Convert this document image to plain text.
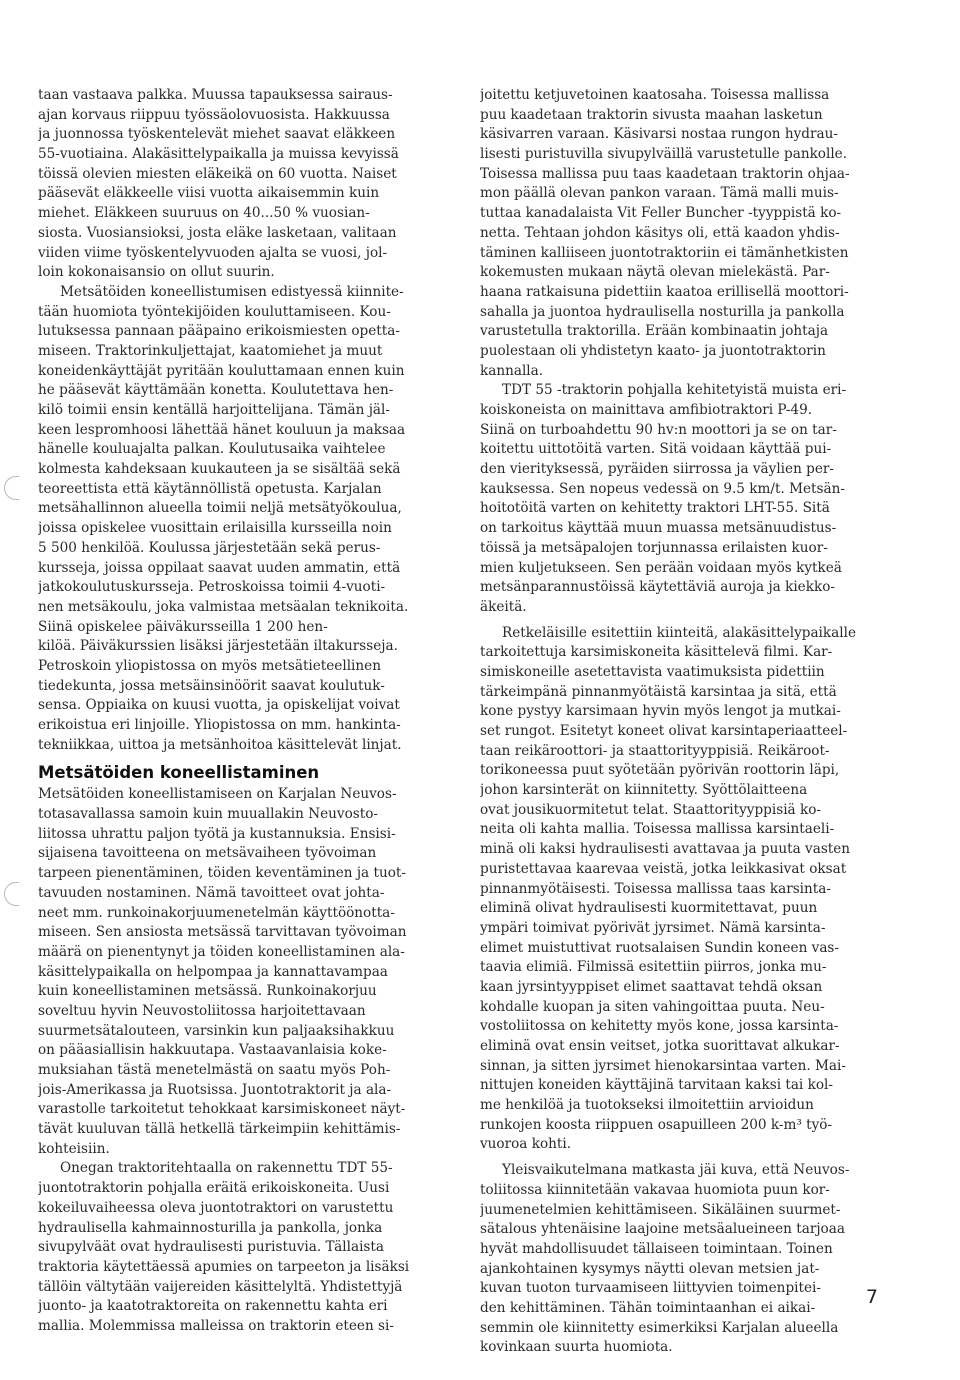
taan vastaava palkka. Muussa tapauksessa sairaus-
ajan korvaus riippuu työssäolovuosista. Hakkuussa
ja juonnossa työskentelevät miehet saavat eläkkeen
55-vuotiaina. Alakäsittelypaikalla ja muissa kevyissä
töissä olevien miesten eläkeikä on 60 vuotta. Naiset
pääsevät eläkkeelle viisi vuotta aikaisemmin kuin
miehet. Eläkkeen suuruus on 40...50 % vuosian-
siosta. Vuosiansioksi, josta eläke lasketaan, valitaan
viiden viime työskentelyvuoden ajalta se vuosi, jol-
loin kokonaisansio on ollut suurin.
Metsätöiden koneellistumisen edistyessä kiinnite-
tään huomiota työntekijöiden kouluttamiseen. Kou-
lutuksessa pannaan pääpaino erikoismiesten opetta-
miseen. Traktorinkuljettajat, kaatomiehet ja muut
koneidenkäyttäjät pyritään kouluttamaan ennen kuin
he pääsevät käyttämään konetta. Koulutettava hen-
kilö toimii ensin kentällä harjoittelijana. Tämän jäl-
keen lespromhoosi lähettää hänet kouluun ja maksaa
hänelle kouluajalta palkan. Koulutusaika vaihtelee
kolmesta kahdeksaan kuukauteen ja se sisältää sekä
teoreettista että käytännöllistä opetusta. Karjalan
metsähallinnon alueella toimii neljä metsätyökoulua,
joissa opiskelee vuosittain erilaisilla kursseilla noin
5 500 henkilöä. Koulussa järjestetään sekä perus-
kursseja, joissa oppilaat saavat uuden ammatin, että
jatkokoulutuskursseja. Petroskoissa toimii 4-vuoti-
nen metsäkoulu, joka valmistaa metsäalan teknikoita.
Siinä opiskelee päiväkursseilla 1 200 hen-
kilöä. Päiväkurssien lisäksi järjestetään iltakursseja.
Petroskoin yliopistossa on myös metsätieteellinen
tiedekunta, jossa metsäinsinöörit saavat koulutuk-
sensa. Oppiaika on kuusi vuotta, ja opiskelijat voivat
erikoistua eri linjoille. Yliopistossa on mm. hankinta-
tekniikkaa, uittoa ja metsänhoitoa käsittelevät linjat.
Metsätöiden koneellistaminen
Metsätöiden koneellistamiseen on Karjalan Neuvos-
totasavallassa samoin kuin muuallakin Neuvosto-
liitossa uhrattu paljon työtä ja kustannuksia. Ensisi-
sijaisena tavoitteena on metsävaiheen työvoiman
tarpeen pienentäminen, töiden keventäminen ja tuot-
tavuuden nostaminen. Nämä tavoitteet ovat johta-
neet mm. runkoinakorjuumenetelmän käyttöönotta-
miseen. Sen ansiosta metsässä tarvittavan työvoiman
määrä on pienentynyt ja töiden koneellistaminen ala-
käsittelypaikalla on helpompaa ja kannattavampaa
kuin koneellistaminen metsässä. Runkoinakorjuu
soveltuu hyvin Neuvostoliitossa harjoitettavaan
suurmetsätalouteen, varsinkin kun paljaaksihakkuu
on pääasiallisin hakkuutapa. Vastaavanlaisia koke-
muksiahan tästä menetelmästä on saatu myös Poh-
jois-Amerikassa ja Ruotsissa. Juontotraktorit ja ala-
varastolle tarkoitetut tehokkaat karsimiskoneet näyt-
tävät kuuluvan tällä hetkellä tärkeimpiin kehittämis-
kohteisiin.
Onegan traktoritehtaalla on rakennettu TDT 55-
juontotraktorin pohjalla eräitä erikoiskoneita. Uusi
kokeiluvaiheessa oleva juontotraktori on varustettu
hydraulisella kahmainnosturilla ja pankolla, jonka
sivupylväät ovat hydraulisesti puristuvia. Tällaista
traktoria käytettäessä apumies on tarpeeton ja lisäksi
tällöin vältytään vaijereiden käsittelyltä. Yhdistettyjä
juonto- ja kaatotraktoreita on rakennettu kahta eri
mallia. Molemmissa malleissa on traktorin eteen si-
joitettu ketjuvetoinen kaatosaha. Toisessa mallissa
puu kaadetaan traktorin sivusta maahan lasketun
käsivarren varaan. Käsivarsi nostaa rungon hydrau-
lisesti puristuvilla sivupylväillä varustetulle pankolle.
Toisessa mallissa puu taas kaadetaan traktorin ohjaa-
mon päällä olevan pankon varaan. Tämä malli muis-
tuttaa kanadalaista Vit Feller Buncher -tyyppistä ko-
netta. Tehtaan johdon käsitys oli, että kaadon yhdis-
täminen kalliiseen juontotraktoriin ei tämänhetkisten
kokemusten mukaan näytä olevan mielekästä. Par-
haana ratkaisuna pidettiin kaatoa erillisellä moottori-
sahalla ja juontoa hydraulisella nosturilla ja pankolla
varustetulla traktorilla. Erään kombinaatin johtaja
puolestaan oli yhdistetyn kaato- ja juontotraktorin
kannalla.
TDT 55 -traktorin pohjalla kehitetyistä muista eri-
koiskoneista on mainittava amfibiotraktori P-49.
Siinä on turboahdettu 90 hv:n moottori ja se on tar-
koitettu uittotöitä varten. Sitä voidaan käyttää pui-
den vierityksessä, pyräiden siirrossa ja väylien per-
kauksessa. Sen nopeus vedessä on 9.5 km/t. Metsän-
hoitotöitä varten on kehitetty traktori LHT-55. Sitä
on tarkoitus käyttää muun muassa metsänuudistus-
töissä ja metsäpalojen torjunnassa erilaisten kuor-
mien kuljetukseen. Sen perään voidaan myös kytkeä
metsänparannustöissä käytettäviä auroja ja kiekko-
äkeitä.
Retkeläisille esitettiin kiinteitä, alakäsittelypaikalle
tarkoitettuja karsimiskoneita käsittelevä filmi. Kar-
simiskoneille asetettavista vaatimuksista pidettiin
tärkeimpänä pinnanmyötäistä karsintaa ja sitä, että
kone pystyy karsimaan hyvin myös lengot ja mutkai-
set rungot. Esitetyt koneet olivat karsintaperiaatteel-
taan reikäroottori- ja staattorityyppisiä. Reikäroot-
torikoneessa puut syötetään pyörivän roottorin läpi,
johon karsinterät on kiinnitetty. Syöttölaitteena
ovat jousikuormitetut telat. Staattorityyppisiä ko-
neita oli kahta mallia. Toisessa mallissa karsintaeli-
minä oli kaksi hydraulisesti avattavaa ja puuta vasten
puristettavaa kaarevaa veistä, jotka leikkasivat oksat
pinnanmyötäisesti. Toisessa mallissa taas karsinta-
eliminä olivat hydraulisesti kuormitettavat, puun
ympäri toimivat pyörivät jyrsimet. Nämä karsinta-
elimet muistuttivat ruotsalaisen Sundin koneen vas-
taavia elimiä. Filmissä esitettiin piirros, jonka mu-
kaan jyrsintyyppiset elimet saattavat tehdä oksan
kohdalle kuopan ja siten vahingoittaa puuta. Neu-
vostoliitossa on kehitetty myös kone, jossa karsinta-
eliminä ovat ensin veitset, jotka suorittavat alkukar-
sinnan, ja sitten jyrsimet hienokarsintaa varten. Mai-
nittujen koneiden käyttäjinä tarvitaan kaksi tai kol-
me henkilöä ja tuotokseksi ilmoitettiin arvioidun
runkojen koosta riippuen osapuilleen 200 k-m³ työ-
vuoroa kohti.
Yleisvaikutelmana matkasta jäi kuva, että Neuvos-
toliitossa kiinnitetään vakavaa huomiota puun kor-
juumenetelmien kehittämiseen. Sikäläinen suurmet-
sätalous yhtenäisine laajoine metsäalueineen tarjoaa
hyvät mahdollisuudet tällaiseen toimintaan. Toinen
ajankohtainen kysymys näytti olevan metsien jat-
kuvan tuoton turvaamiseen liittyvien toimenpitei-
den kehittäminen. Tähän toimintaanhan ei aikai-
semmin ole kiinnitetty esimerkiksi Karjalan alueella
kovinkaan suurta huomiota.
7
